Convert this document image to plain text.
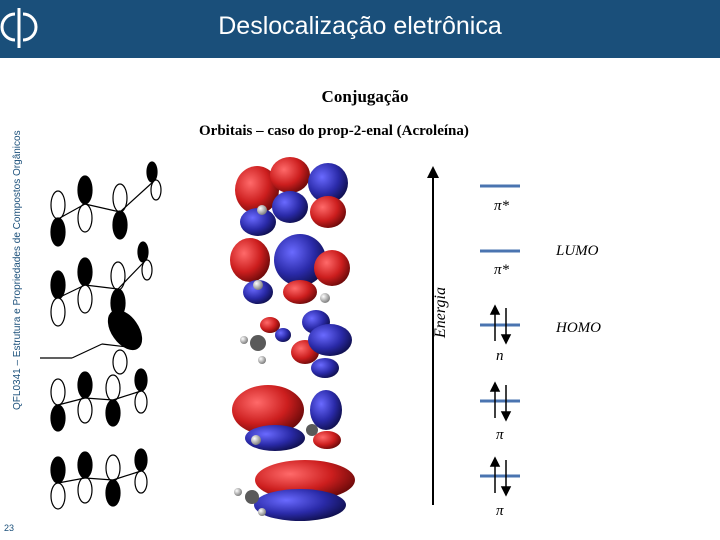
Deslocalização eletrônica
QFL0341 – Estrutura e Propriedades de Compostos Orgânicos
23
Conjugação
Orbitais – caso do prop-2-enal (Acroleína)
Energia
π*
π*
n
π
π
LUMO
HOMO
